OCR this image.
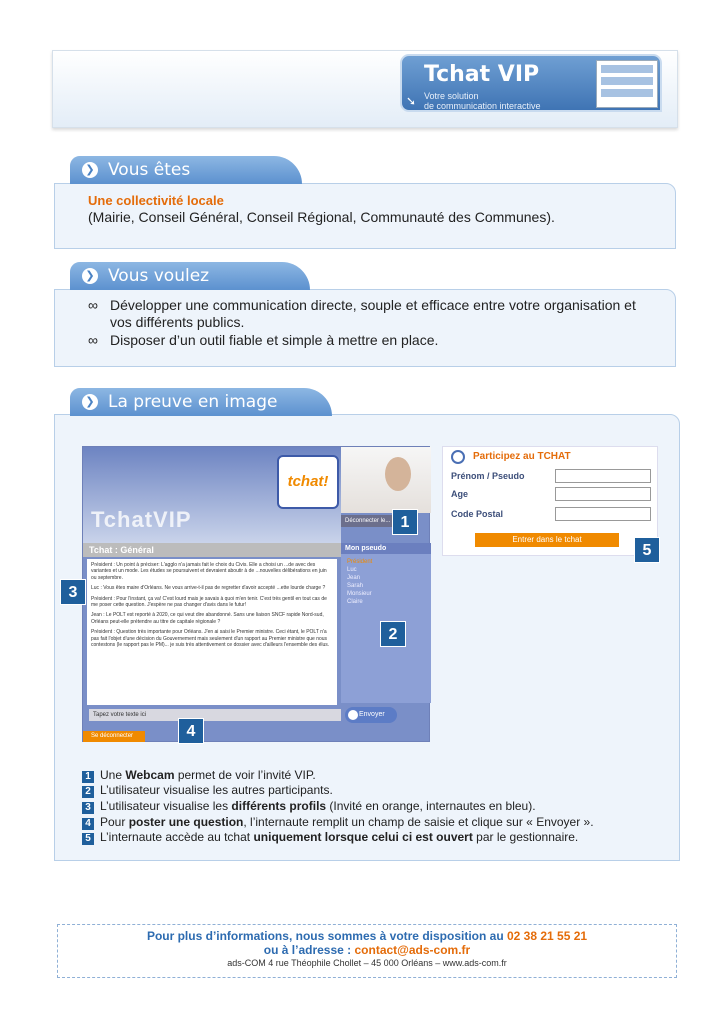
➘
Tchat VIP
Votre solution
de communication interactive
❯ Vous êtes
Une collectivité locale
(Mairie, Conseil Général, Conseil Régional, Communauté des Communes).
❯ Vous voulez
∞ Développer une communication directe, souple et efficace entre votre organisation et
vos différents publics.
∞ Disposer d’un outil fiable et simple à mettre en place.
❯ La preuve en image
TchatVIP
tchat!
Déconnecter le...
Tchat : Général	Mon pseudo
Président
Luc
Jean
Sarah
Monsieur
Claire

Président : Un point à préciser: L'agglo n'a jamais fait le choix du Civis. Elle a choisi un ...de avec des variantes et un mode. Les études se poursuivent et devraient aboutir à de ...nouvelles délibérations en juin ou septembre.

Luc : Vous êtes maire d'Orléans. Ne vous arrive-t-il pas de regretter d'avoir accepté ...ette lourde charge ?

Président : Pour l'instant, ça va! C'est lourd mais je savais à quoi m'en tenir. C'est très gentil en tout cas de me poser cette question. J'espère ne pas changer d'avis dans le futur!

Jean : Le POLT est reporté à 2020, ce qui veut dire abandonné. Sans une liaison SNCF rapide Nord-sud, Orléans peut-elle prétendre au titre de capitale régionale ?

Président : Question très importante pour Orléans. J'en ai saisi le Premier ministre. Ceci étant, le POLT n'a pas fait l'objet d'une décision du Gouvernement mais seulement d'un rapport au Premier ministre que nous contestons (le rapport pas le PM)... je suis très attentivement ce dossier avec d'ailleurs l'ensemble des élus.

Tapez votre texte ici	Envoyer
Se déconnecter
Participez au TCHAT
Prénom / Pseudo
Age
Code Postal
Entrer dans le tchat
1
2
3
4
5
1 Une Webcam permet de voir l’invité VIP.
2 L’utilisateur visualise les autres participants.
3 L’utilisateur visualise les différents profils (Invité en orange, internautes en bleu).
4 Pour poster une question, l’internaute remplit un champ de saisie et clique sur « Envoyer ».
5 L’internaute accède au tchat uniquement lorsque celui ci est ouvert par le gestionnaire.
Pour plus d’informations, nous sommes à votre disposition au 02 38 21 55 21
ou à l’adresse : contact@ads-com.fr
ads-COM 4 rue Théophile Chollet – 45 000 Orléans – www.ads-com.fr
